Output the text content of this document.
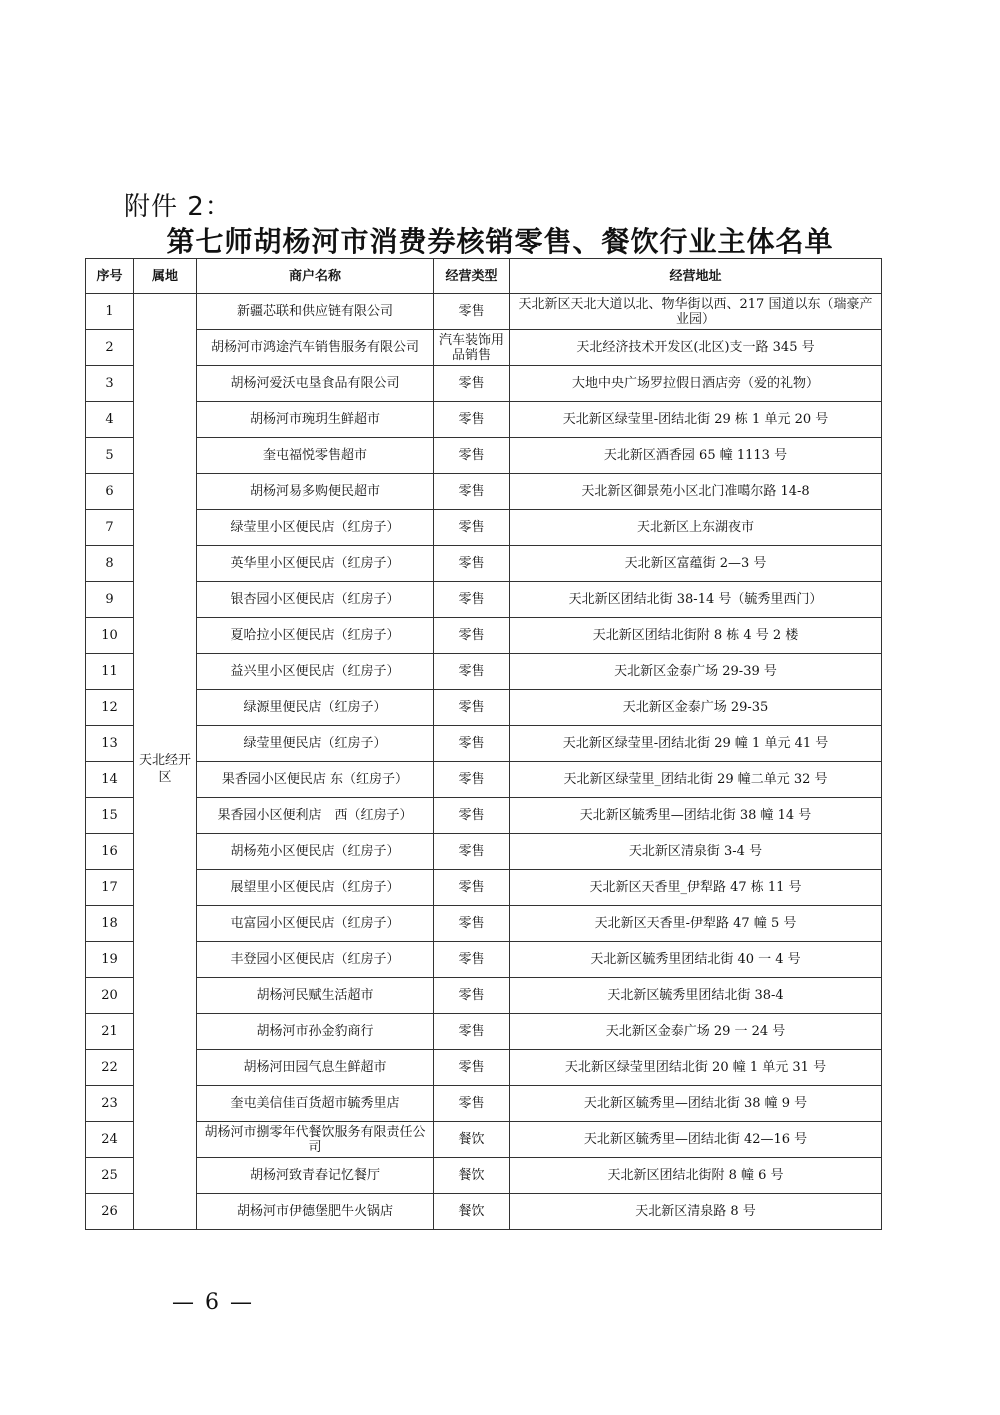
附件 2：
第七师胡杨河市消费券核销零售、餐饮行业主体名单
序号	属地	商户名称	经营类型	经营地址
1	天北经开区	新疆芯联和供应链有限公司	零售	天北新区天北大道以北、物华街以西、217 国道以东（瑞豪产业园）
2		胡杨河市鸿途汽车销售服务有限公司	汽车装饰用品销售	天北经济技术开发区(北区)支一路 345 号
3		胡杨河爱沃屯垦食品有限公司	零售	大地中央广场罗拉假日酒店旁（爱的礼物）
4		胡杨河市琬玥生鲜超市	零售	天北新区绿莹里-团结北街 29 栋 1 单元 20 号
5		奎屯福悦零售超市	零售	天北新区酒香园 65 幢 1113 号
6		胡杨河易多购便民超市	零售	天北新区御景苑小区北门准噶尔路 14-8
7		绿莹里小区便民店（红房子）	零售	天北新区上东湖夜市
8		英华里小区便民店（红房子）	零售	天北新区富蕴街 2—3 号
9		银杏园小区便民店（红房子）	零售	天北新区团结北街 38-14 号（毓秀里西门）
10		夏哈拉小区便民店（红房子）	零售	天北新区团结北街附 8 栋 4 号 2 楼
11		益兴里小区便民店（红房子）	零售	天北新区金泰广场 29-39 号
12		绿源里便民店（红房子）	零售	天北新区金泰广场 29-35
13		绿莹里便民店（红房子）	零售	天北新区绿莹里-团结北街 29 幢 1 单元 41 号
14		果香园小区便民店 东（红房子）	零售	天北新区绿莹里_团结北街 29 幢二单元 32 号
15		果香园小区便利店　西（红房子）	零售	天北新区毓秀里—团结北街 38 幢 14 号
16		胡杨苑小区便民店（红房子）	零售	天北新区清泉街 3-4 号
17		展望里小区便民店（红房子）	零售	天北新区天香里_伊犁路 47 栋 11 号
18		屯富园小区便民店（红房子）	零售	天北新区天香里-伊犁路 47 幢 5 号
19		丰登园小区便民店（红房子）	零售	天北新区毓秀里团结北街 40 一 4 号
20		胡杨河民赋生活超市	零售	天北新区毓秀里团结北街 38-4
21		胡杨河市孙金豹商行	零售	天北新区金泰广场 29 一 24 号
22		胡杨河田园气息生鲜超市	零售	天北新区绿莹里团结北街 20 幢 1 单元 31 号
23		奎屯美信佳百货超市毓秀里店	零售	天北新区毓秀里—团结北街 38 幢 9 号
24		胡杨河市捌零年代餐饮服务有限责任公司	餐饮	天北新区毓秀里—团结北街 42—16 号
25		胡杨河致青春记忆餐厅	餐饮	天北新区团结北街附 8 幢 6 号
26		胡杨河市伊德堡肥牛火锅店	餐饮	天北新区清泉路 8 号
— 6 —
